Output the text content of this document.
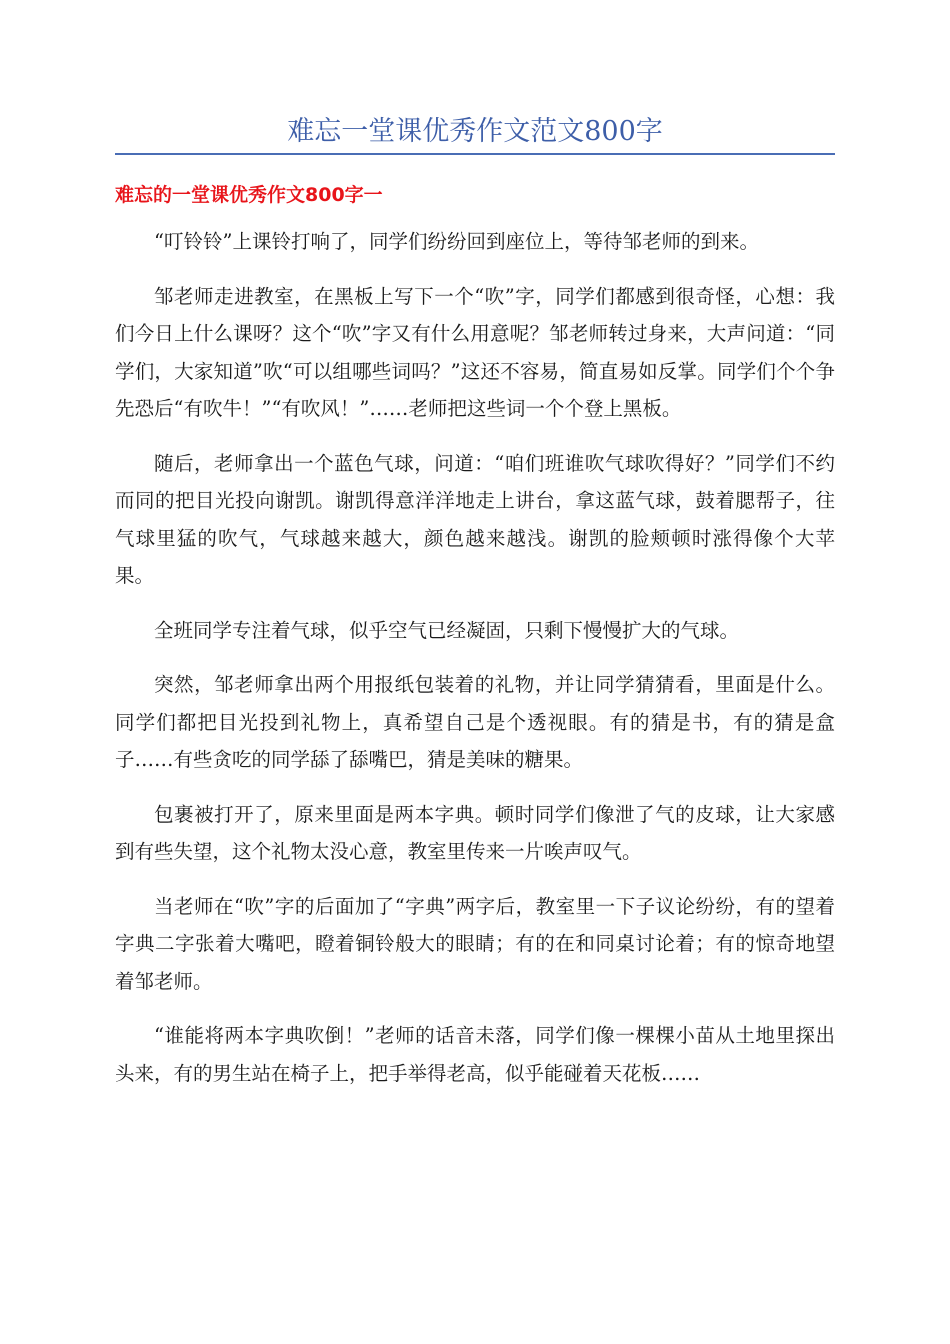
难忘一堂课优秀作文范文800字
难忘的一堂课优秀作文800字一

“叮铃铃”上课铃打响了，同学们纷纷回到座位上，等待邹老师的到来。

邹老师走进教室，在黑板上写下一个“吹”字，同学们都感到很奇怪，心想：我们今日上什么课呀？这个“吹”字又有什么用意呢？邹老师转过身来，大声问道：“同学们，大家知道”吹“可以组哪些词吗？”这还不容易，简直易如反掌。同学们个个争先恐后“有吹牛！”“有吹风！”……老师把这些词一个个登上黑板。

随后，老师拿出一个蓝色气球，问道：“咱们班谁吹气球吹得好？”同学们不约而同的把目光投向谢凯。谢凯得意洋洋地走上讲台，拿这蓝气球，鼓着腮帮子，往气球里猛的吹气，气球越来越大，颜色越来越浅。谢凯的脸颊顿时涨得像个大苹果。

全班同学专注着气球，似乎空气已经凝固，只剩下慢慢扩大的气球。

突然，邹老师拿出两个用报纸包装着的礼物，并让同学猜猜看，里面是什么。同学们都把目光投到礼物上，真希望自己是个透视眼。有的猜是书，有的猜是盒子……有些贪吃的同学舔了舔嘴巴，猜是美味的糖果。

包裹被打开了，原来里面是两本字典。顿时同学们像泄了气的皮球，让大家感到有些失望，这个礼物太没心意，教室里传来一片唉声叹气。

当老师在“吹”字的后面加了“字典”两字后，教室里一下子议论纷纷，有的望着字典二字张着大嘴吧，瞪着铜铃般大的眼睛；有的在和同桌讨论着；有的惊奇地望着邹老师。

“谁能将两本字典吹倒！”老师的话音未落，同学们像一棵棵小苗从土地里探出头来，有的男生站在椅子上，把手举得老高，似乎能碰着天花板……
